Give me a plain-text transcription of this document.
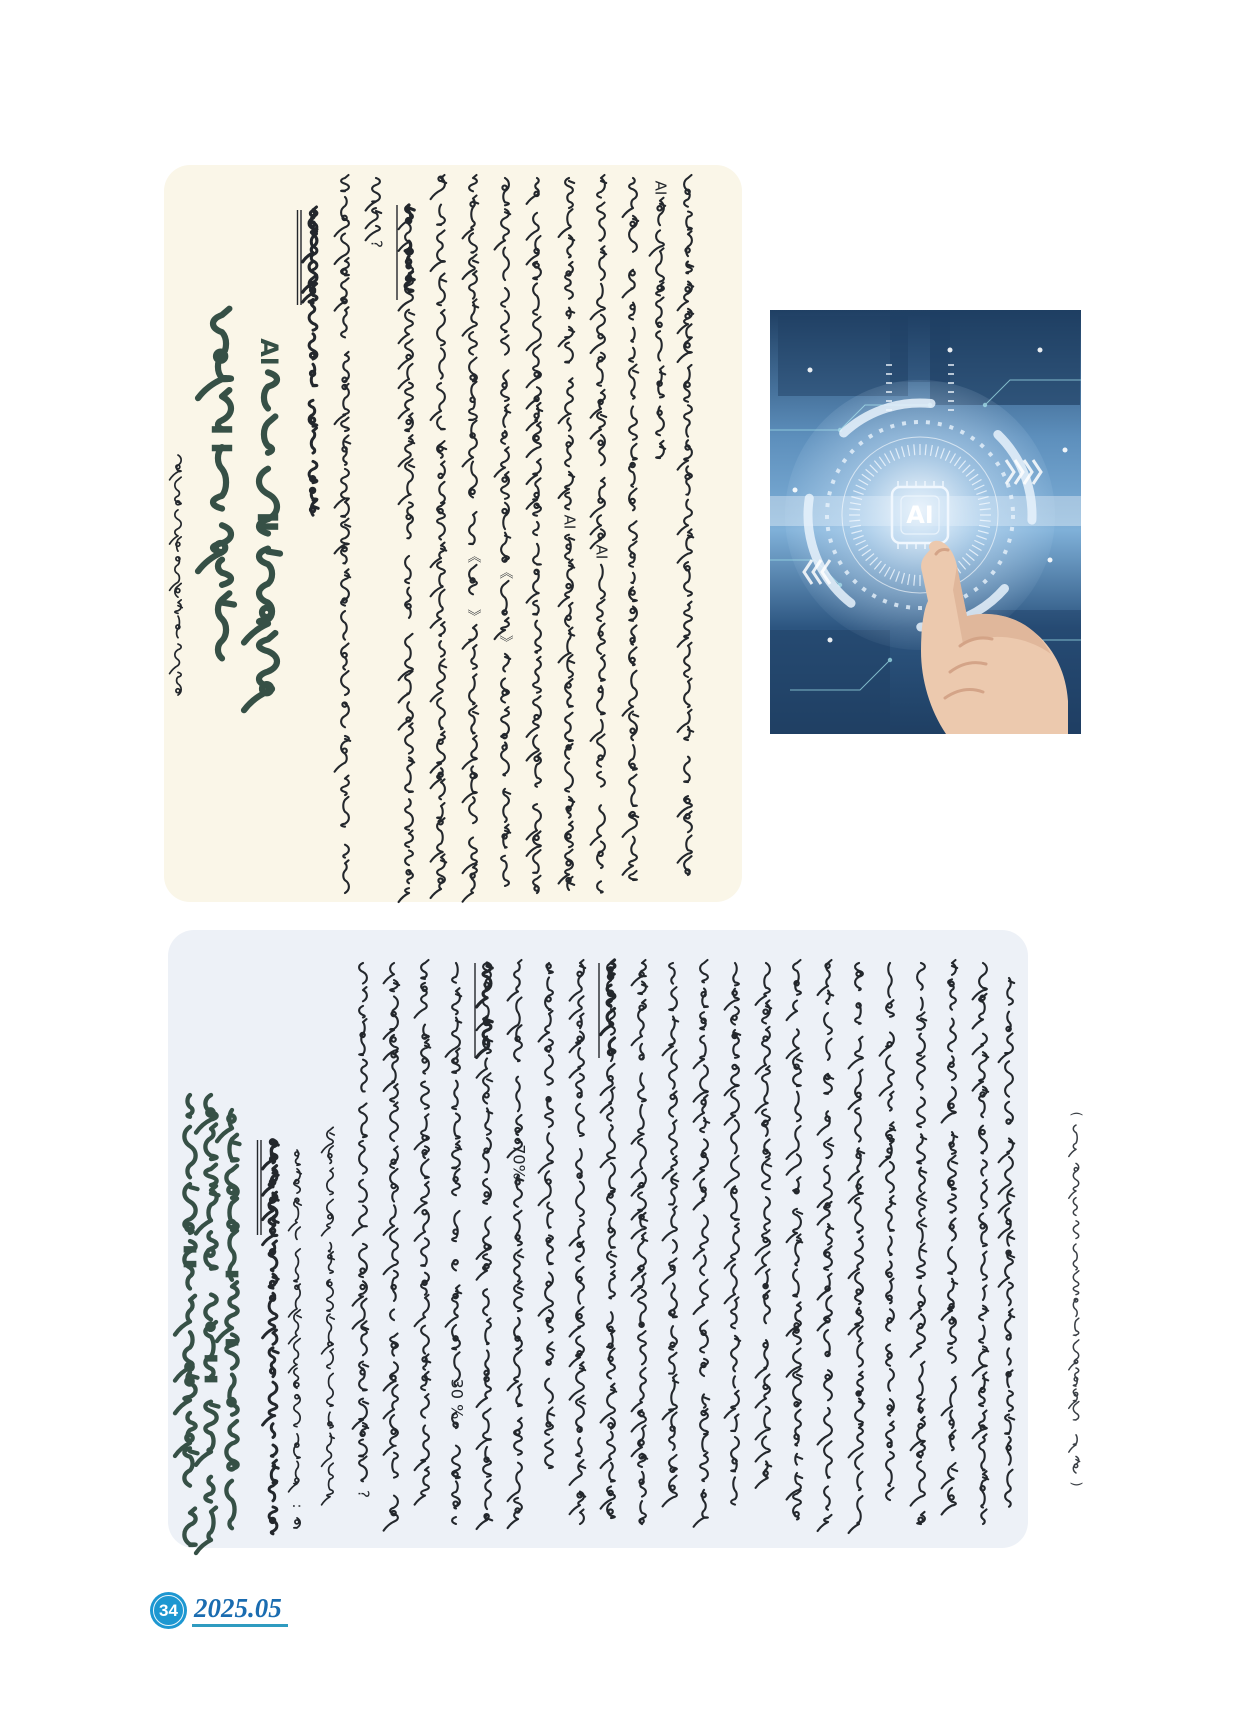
AI
AI
?
《
》
《
》
AI
AI
AI
:
?
30 %
70%
(
)
34 2025.05
